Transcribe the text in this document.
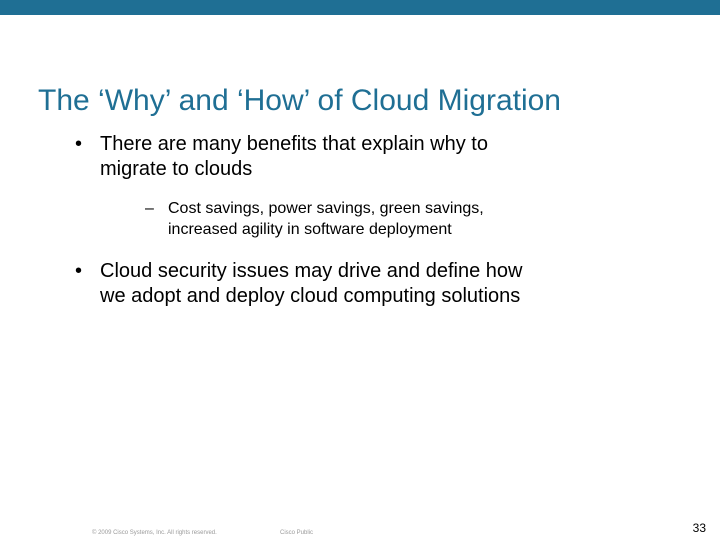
The ‘Why’ and ‘How’ of Cloud Migration
• There are many benefits that explain why to
migrate to clouds
– Cost savings, power savings, green savings,
increased agility in software deployment
• Cloud security issues may drive and define how
we adopt and deploy cloud computing solutions
© 2009 Cisco Systems, Inc. All rights reserved.	Cisco Public	33
